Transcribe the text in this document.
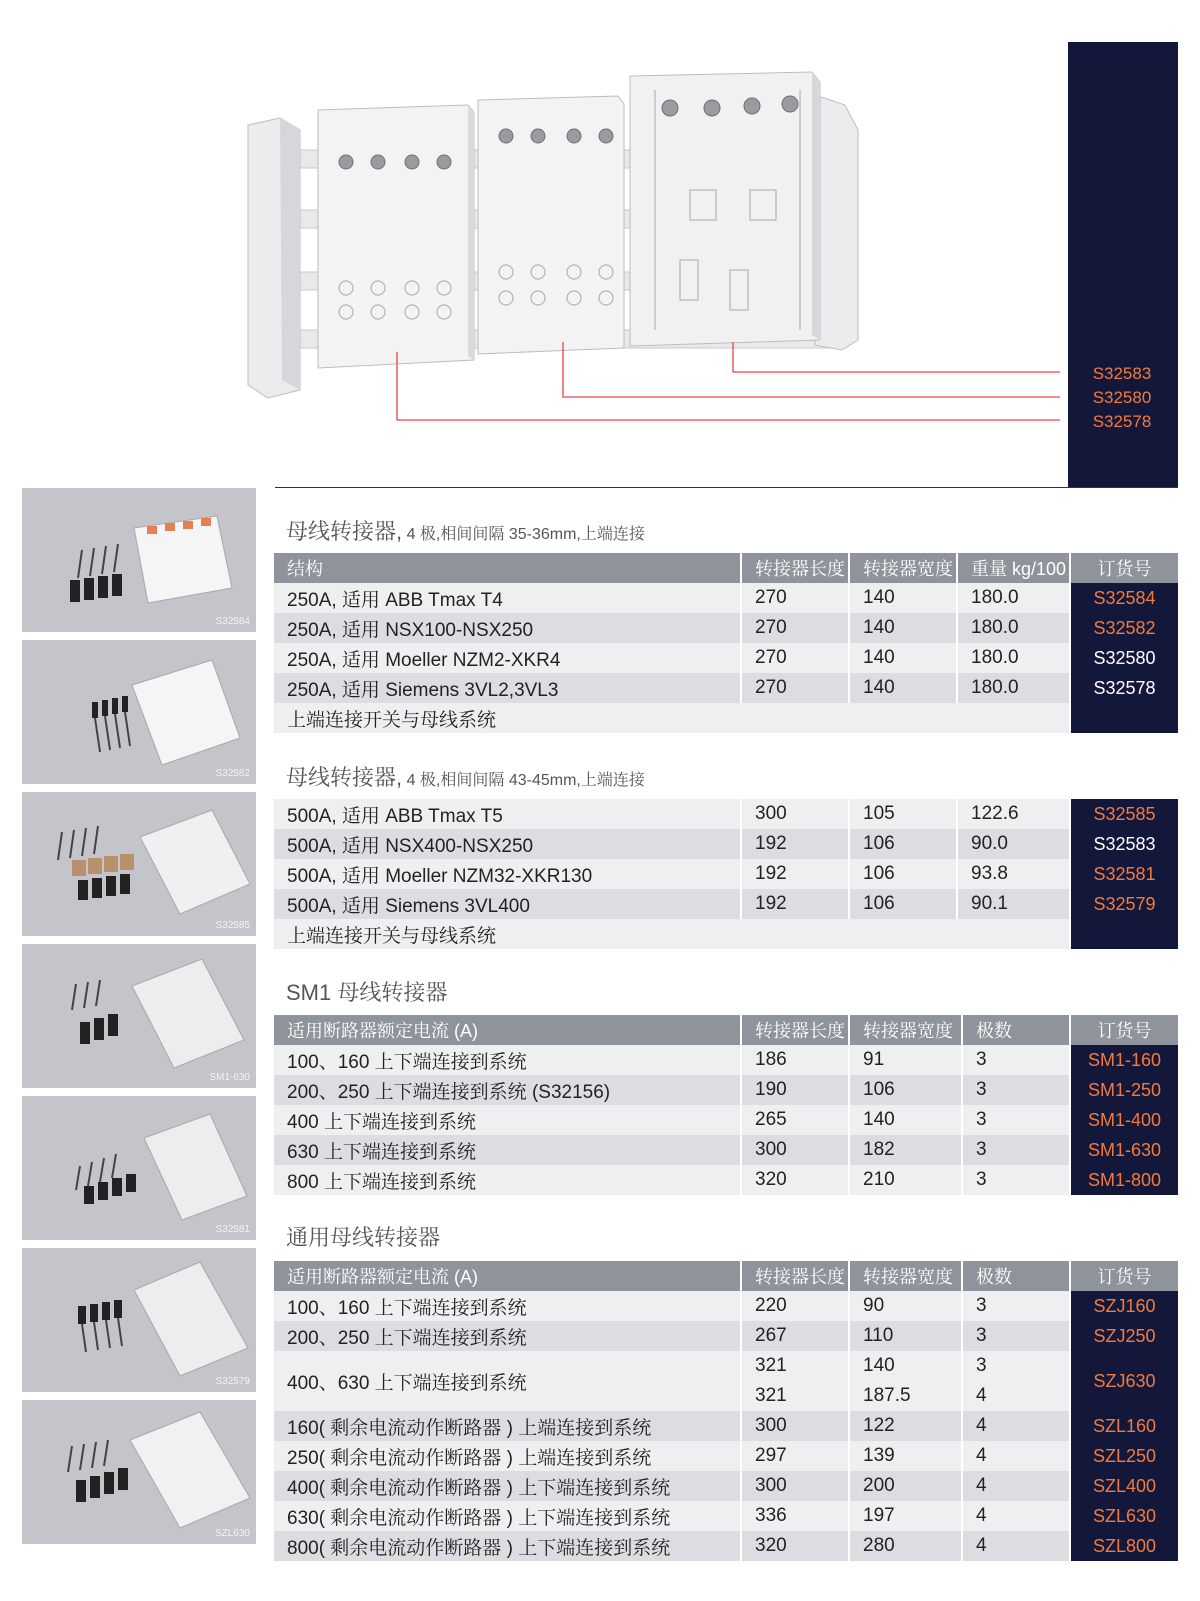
S32583
S32580
S32578
S32584
S32582
S32585
SM1-630
S32581
S32579
SZL630
母线转接器, 4 极,相间间隔 35-36mm,上端连接
结构	转接器长度	转接器宽度	重量 kg/100	订货号
250A, 适用 ABB Tmax T4	270	140	180.0	S32584
250A, 适用 NSX100-NSX250	270	140	180.0	S32582
250A, 适用 Moeller NZM2-XKR4	270	140	180.0	S32580
250A, 适用 Siemens 3VL2,3VL3	270	140	180.0	S32578
上端连接开关与母线系统				
母线转接器, 4 极,相间间隔 43-45mm,上端连接
500A, 适用 ABB Tmax T5	300	105	122.6	S32585
500A, 适用 NSX400-NSX250	192	106	90.0	S32583
500A, 适用 Moeller NZM32-XKR130	192	106	93.8	S32581
500A, 适用 Siemens 3VL400	192	106	90.1	S32579
上端连接开关与母线系统				
SM1 母线转接器
适用断路器额定电流 (A)	转接器长度	转接器宽度	极数	订货号
100、160 上下端连接到系统	186	91	3	SM1-160
200、250 上下端连接到系统 (S32156)	190	106	3	SM1-250
400 上下端连接到系统	265	140	3	SM1-400
630 上下端连接到系统	300	182	3	SM1-630
800 上下端连接到系统	320	210	3	SM1-800
通用母线转接器
适用断路器额定电流 (A)	转接器长度	转接器宽度	极数	订货号
100、160 上下端连接到系统	220	90	3	SZJ160
200、250 上下端连接到系统	267	110	3	SZJ250
400、630 上下端连接到系统	321	140	3	SZJ630
	321	187.5	4	
160( 剩余电流动作断路器 ) 上端连接到系统	300	122	4	SZL160
250( 剩余电流动作断路器 ) 上端连接到系统	297	139	4	SZL250
400( 剩余电流动作断路器 ) 上下端连接到系统	300	200	4	SZL400
630( 剩余电流动作断路器 ) 上下端连接到系统	336	197	4	SZL630
800( 剩余电流动作断路器 ) 上下端连接到系统	320	280	4	SZL800
